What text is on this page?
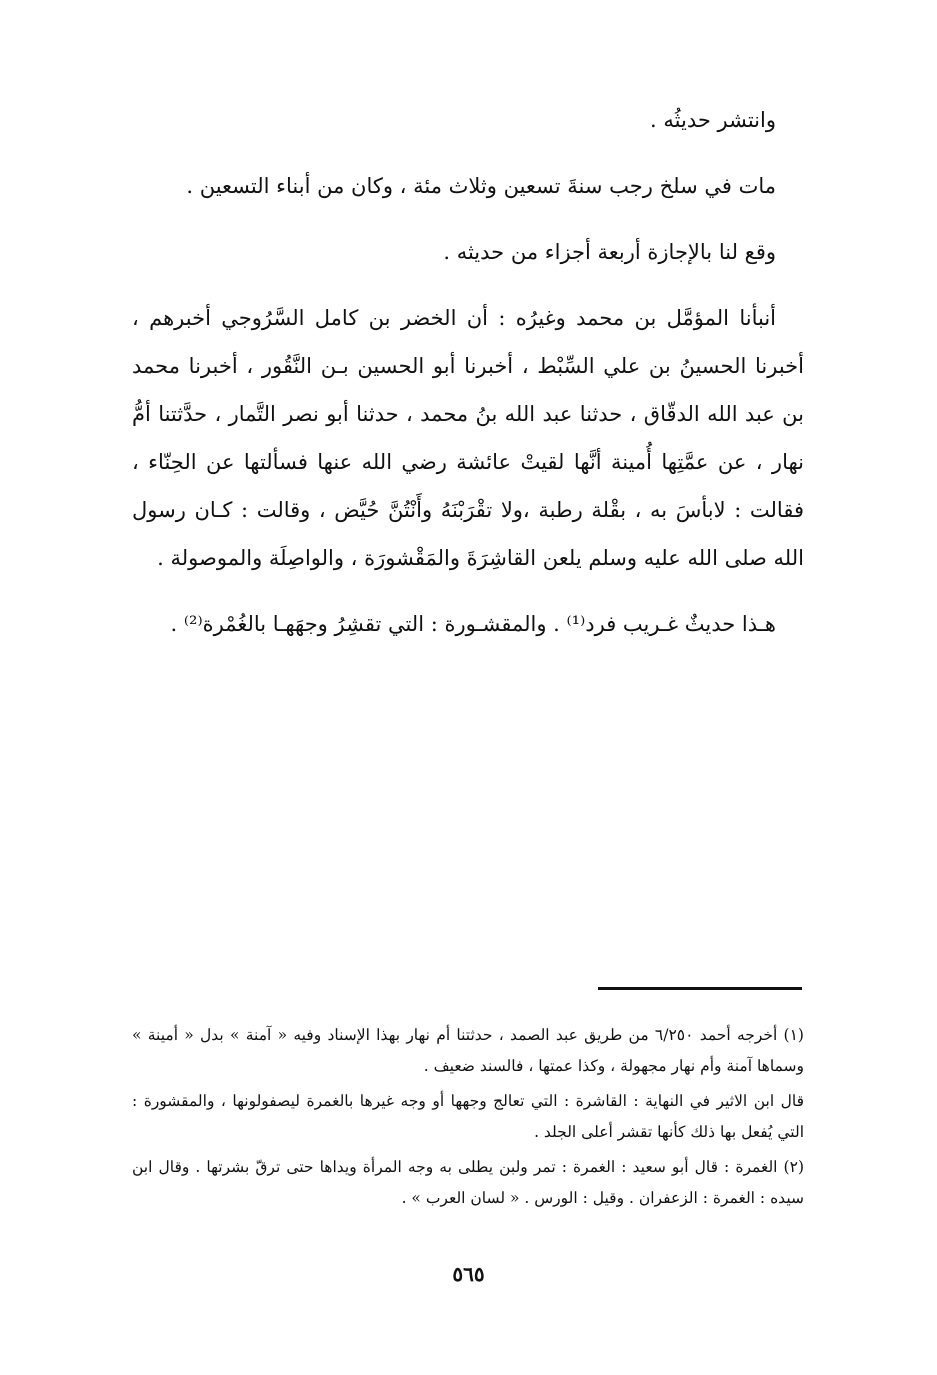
وانتشر حديثُه .

مات في سلخ رجب سنةَ تسعين وثلاث مئة ، وكان من أبناء التسعين .

وقع لنا بالإجازة أربعة أجزاء من حديثه .

أنبأنا المؤمَّل بن محمد وغيرُه : أن الخضر بن كامل السَّرُوجي أخبرهم ، أخبرنا الحسينُ بن علي السِّبْط ، أخبرنا أبو الحسين بـن النَّقُور ، أخبرنا محمد بن عبد الله الدقّاق ، حدثنا عبد الله بنُ محمد ، حدثنا أبو نصر التَّمار ، حدَّثتنا أمُّ نهار ، عن عمَّتِها أُمينة أنَّها لقيتْ عائشة رضي الله عنها فسألتها عن الحِنّاء ، فقالت : لابأسَ به ، بقْلة رطبة ،ولا تقْرَبْنَهُ وأَنْتُنَّ حُيَّض ، وقالت : كـان رسول الله صلى الله عليه وسلم يلعن القاشِرَةَ والمَقْشورَة ، والواصِلَة والموصولة .

هـذا حديثٌ غـريب فرد⁽¹⁾ . والمقشـورة : التي تقشِرُ وجهَهـا بالغُمْرة⁽²⁾ .

(١) أخرجه أحمد ٦/٢٥٠ من طريق عبد الصمد ، حدثتنا أم نهار بهذا الإسناد وفيه « آمنة » بدل « أمينة » وسماها آمنة وأم نهار مجهولة ، وكذا عمتها ، فالسند ضعيف .

قال ابن الاثير في النهاية : القاشرة : التي تعالج وجهها أو وجه غيرها بالغمرة ليصفولونها ، والمقشورة : التي يُفعل بها ذلك كأنها تقشر أعلى الجلد .

(٢) الغمرة : قال أبو سعيد : الغمرة : تمر ولبن يطلى به وجه المرأة ويداها حتى ترقّ بشرتها . وقال ابن سيده : الغمرة : الزعفران . وقيل : الورس . « لسان العرب » .

٥٦٥
